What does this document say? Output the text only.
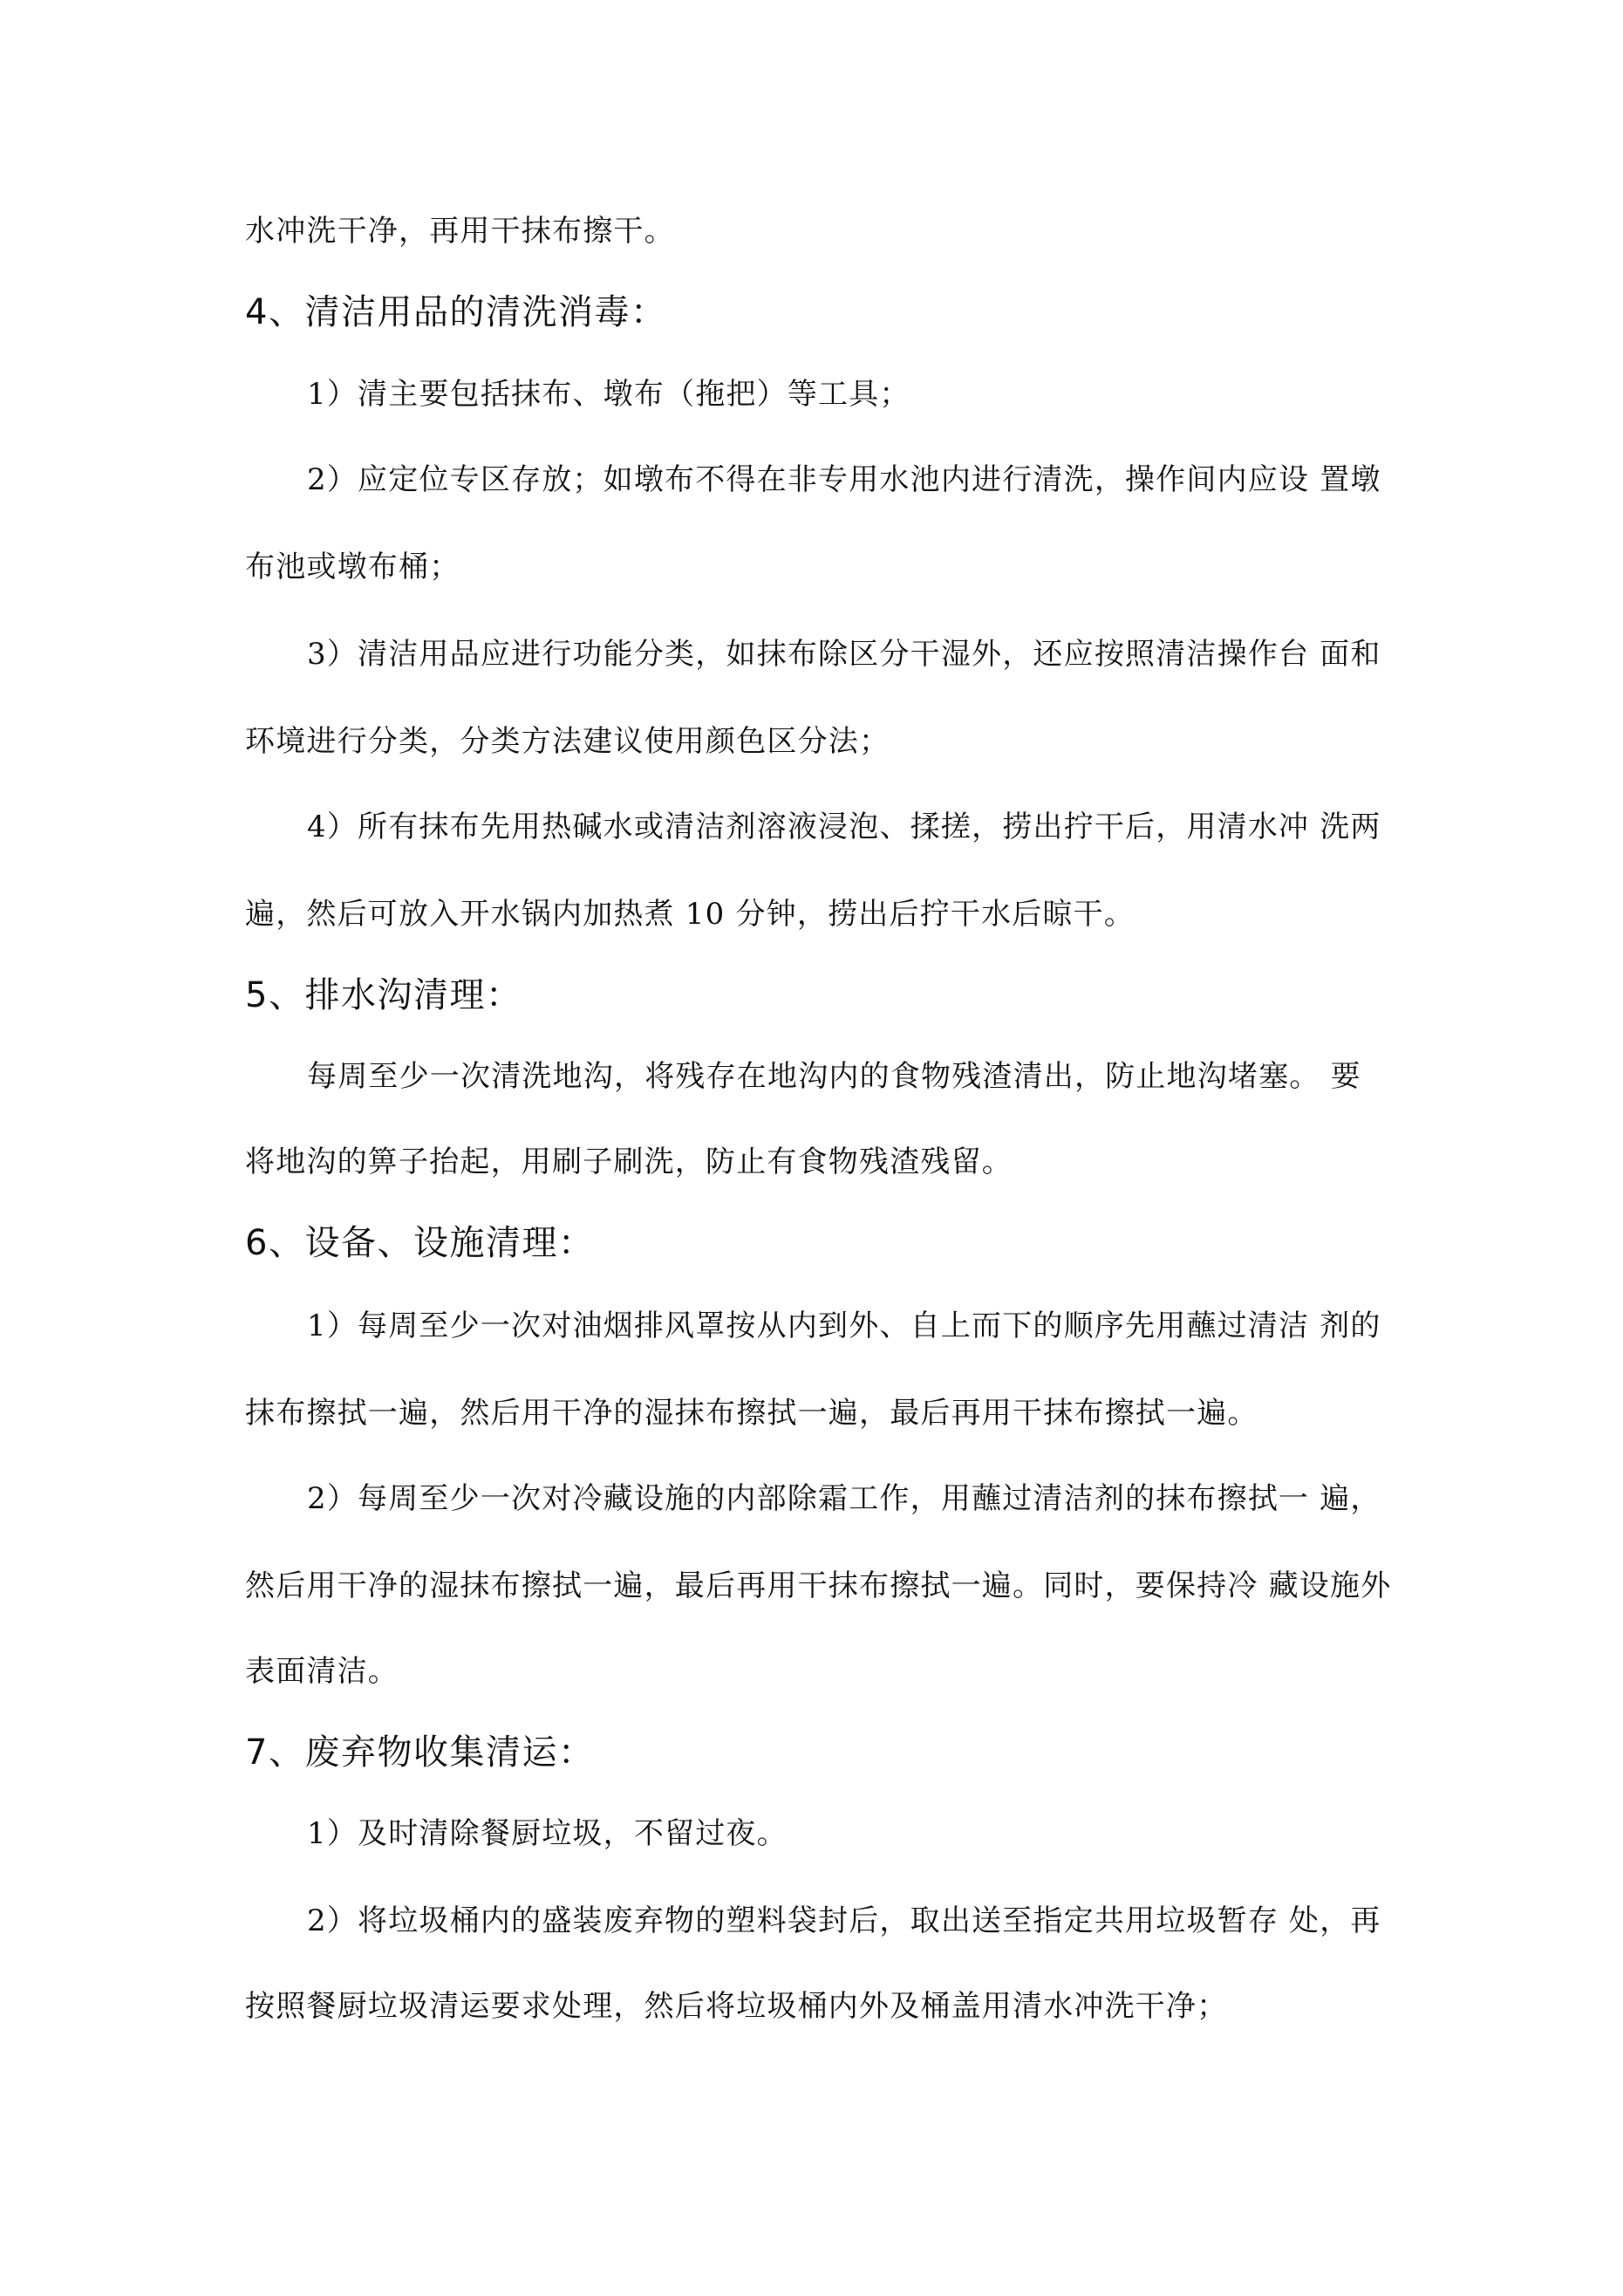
水冲洗干净，再用干抹布擦干。
4、清洁用品的清洗消毒：
1）清主要包括抹布、墩布（拖把）等工具；
2）应定位专区存放；如墩布不得在非专用水池内进行清洗，操作间内应设 置墩
布池或墩布桶；
3）清洁用品应进行功能分类，如抹布除区分干湿外，还应按照清洁操作台 面和
环境进行分类，分类方法建议使用颜色区分法；
4）所有抹布先用热碱水或清洁剂溶液浸泡、揉搓，捞出拧干后，用清水冲 洗两
遍，然后可放入开水锅内加热煮 10 分钟，捞出后拧干水后晾干。
5、排水沟清理：
每周至少一次清洗地沟，将残存在地沟内的食物残渣清出，防止地沟堵塞。 要
将地沟的箅子抬起，用刷子刷洗，防止有食物残渣残留。
6、设备、设施清理：
1）每周至少一次对油烟排风罩按从内到外、自上而下的顺序先用蘸过清洁 剂的
抹布擦拭一遍，然后用干净的湿抹布擦拭一遍，最后再用干抹布擦拭一遍。
2）每周至少一次对冷藏设施的内部除霜工作，用蘸过清洁剂的抹布擦拭一 遍，
然后用干净的湿抹布擦拭一遍，最后再用干抹布擦拭一遍。同时，要保持冷 藏设施外
表面清洁。
7、废弃物收集清运：
1）及时清除餐厨垃圾，不留过夜。
2）将垃圾桶内的盛装废弃物的塑料袋封后，取出送至指定共用垃圾暂存 处，再
按照餐厨垃圾清运要求处理，然后将垃圾桶内外及桶盖用清水冲洗干净；
